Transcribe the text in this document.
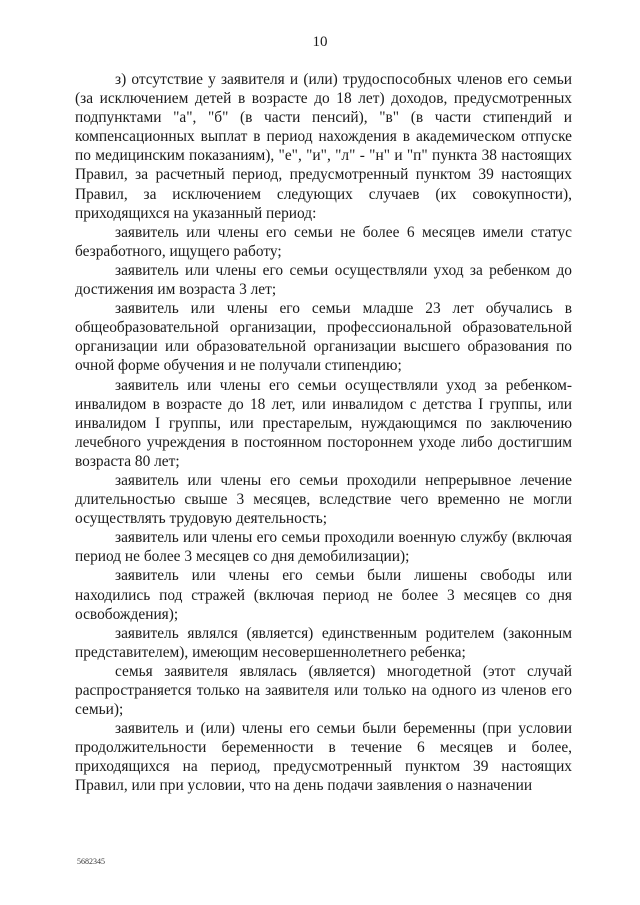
10

з) отсутствие у заявителя и (или) трудоспособных членов его семьи (за исключением детей в возрасте до 18 лет) доходов, предусмотренных подпунктами "а", "б" (в части пенсий), "в" (в части стипендий и компенсационных выплат в период нахождения в академическом отпуске по медицинским показаниям), "е", "и", "л" - "н" и "п" пункта 38 настоящих Правил, за расчетный период, предусмотренный пунктом 39 настоящих Правил, за исключением следующих случаев (их совокупности), приходящихся на указанный период:

заявитель или члены его семьи не более 6 месяцев имели статус безработного, ищущего работу;

заявитель или члены его семьи осуществляли уход за ребенком до достижения им возраста 3 лет;

заявитель или члены его семьи младше 23 лет обучались в общеобразовательной организации, профессиональной образовательной организации или образовательной организации высшего образования по очной форме обучения и не получали стипендию;

заявитель или члены его семьи осуществляли уход за ребенком-инвалидом в возрасте до 18 лет, или инвалидом с детства I группы, или инвалидом I группы, или престарелым, нуждающимся по заключению лечебного учреждения в постоянном постороннем уходе либо достигшим возраста 80 лет;

заявитель или члены его семьи проходили непрерывное лечение длительностью свыше 3 месяцев, вследствие чего временно не могли осуществлять трудовую деятельность;

заявитель или члены его семьи проходили военную службу (включая период не более 3 месяцев со дня демобилизации);

заявитель или члены его семьи были лишены свободы или находились под стражей (включая период не более 3 месяцев со дня освобождения);

заявитель являлся (является) единственным родителем (законным представителем), имеющим несовершеннолетнего ребенка;

семья заявителя являлась (является) многодетной (этот случай распространяется только на заявителя или только на одного из членов его семьи);

заявитель и (или) члены его семьи были беременны (при условии продолжительности беременности в течение 6 месяцев и более, приходящихся на период, предусмотренный пунктом 39 настоящих Правил, или при условии, что на день подачи заявления о назначении

5682345
